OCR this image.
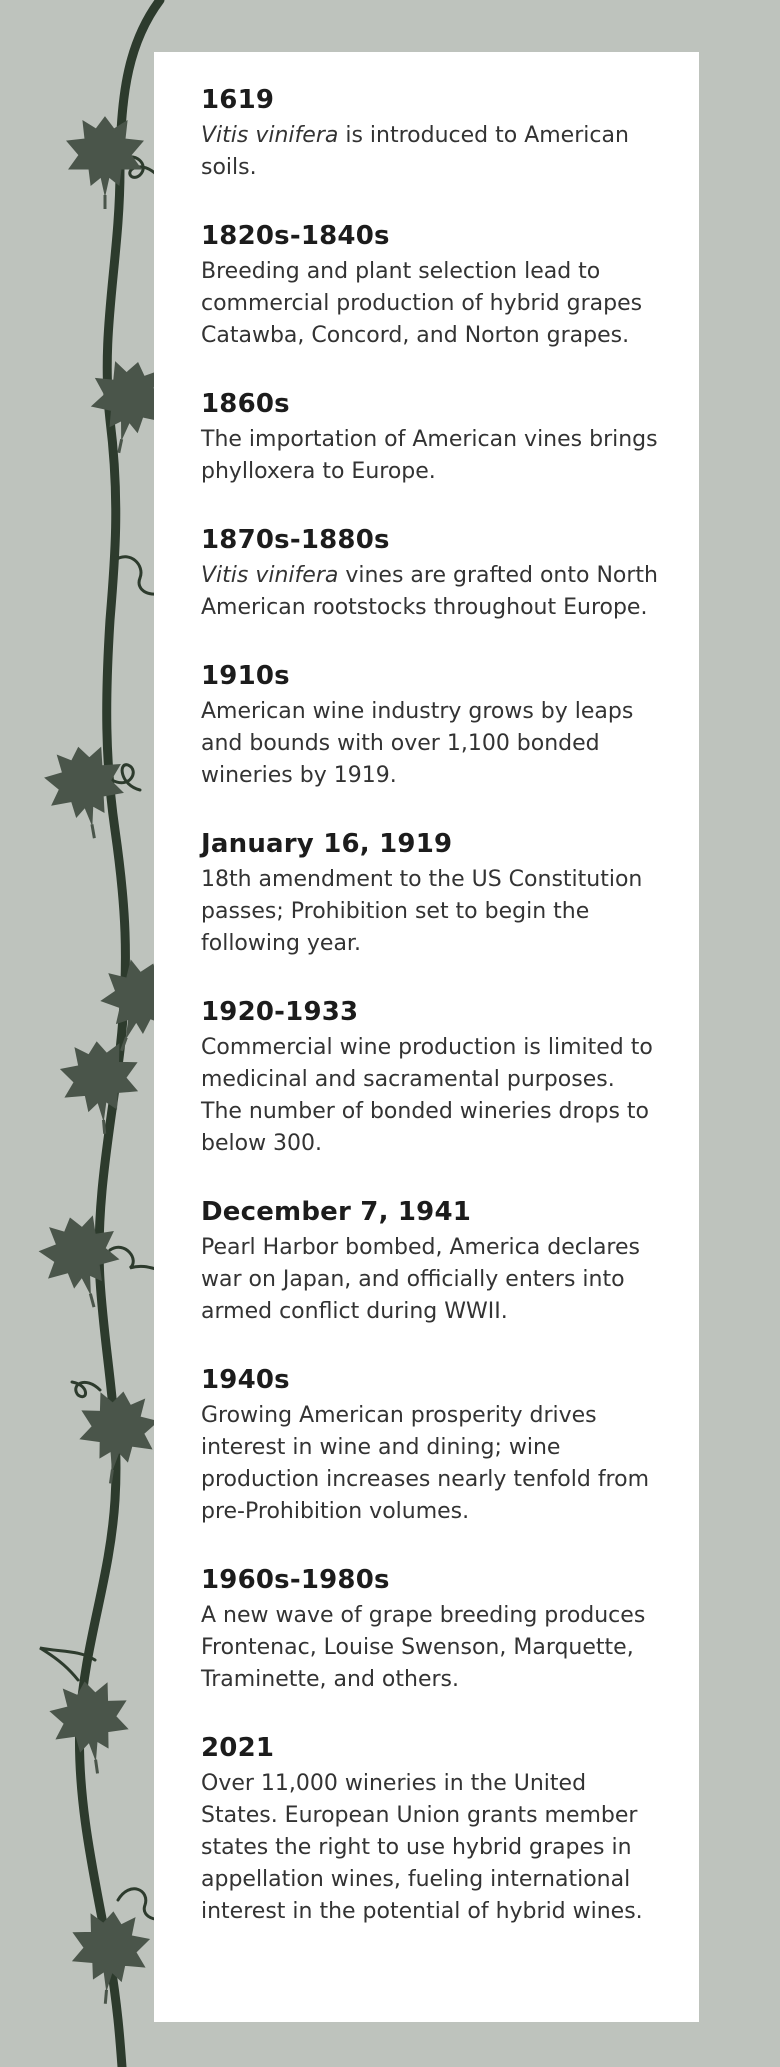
1619

Vitis vinifera is introduced to American soils.

1820s-1840s

Breeding and plant selection lead to commercial production of hybrid grapes Catawba, Concord, and Norton grapes.

1860s

The importation of American vines brings phylloxera to Europe.

1870s-1880s

Vitis vinifera vines are grafted onto North American rootstocks throughout Europe.

1910s

American wine industry grows by leaps and bounds with over 1,100 bonded wineries by 1919.

January 16, 1919

18th amendment to the US Constitution passes; Prohibition set to begin the following year.

1920-1933

Commercial wine production is limited to medicinal and sacramental purposes. The number of bonded wineries drops to below 300.

December 7, 1941

Pearl Harbor bombed, America declares war on Japan, and officially enters into armed conflict during WWII.

1940s

Growing American prosperity drives interest in wine and dining; wine production increases nearly tenfold from pre-Prohibition volumes.

1960s-1980s

A new wave of grape breeding produces Frontenac, Louise Swenson, Marquette, Traminette, and others.

2021

Over 11,000 wineries in the United States. European Union grants member states the right to use hybrid grapes in appellation wines, fueling international interest in the potential of hybrid wines.
